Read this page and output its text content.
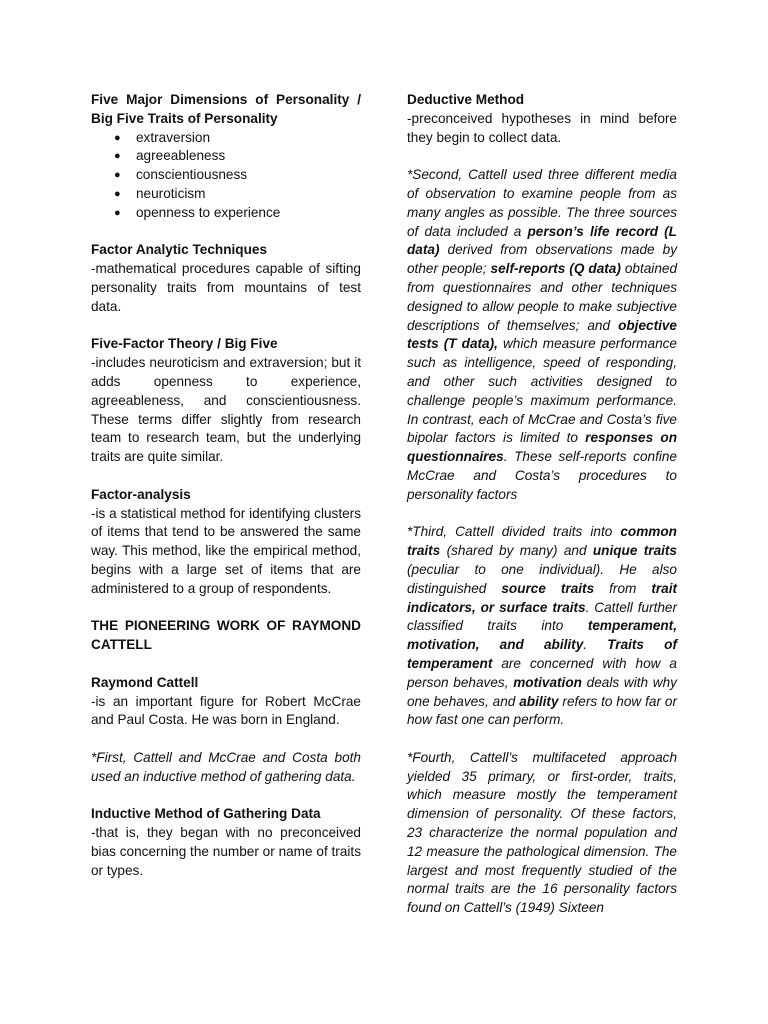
Five Major Dimensions of Personality / Big Five Traits of Personality

● extraversion
● agreeableness
● conscientiousness
● neuroticism
● openness to experience

Factor Analytic Techniques

-mathematical procedures capable of sifting personality traits from mountains of test data.

Five-Factor Theory / Big Five

-includes neuroticism and extraversion; but it adds openness to experience, agreeableness, and conscientiousness. These terms differ slightly from research team to research team, but the underlying traits are quite similar.

Factor-analysis

-is a statistical method for identifying clusters of items that tend to be answered the same way. This method, like the empirical method, begins with a large set of items that are administered to a group of respondents.

THE PIONEERING WORK OF RAYMOND CATTELL

Raymond Cattell

-is an important figure for Robert McCrae and Paul Costa. He was born in England.

*First, Cattell and McCrae and Costa both used an inductive method of gathering data.

Inductive Method of Gathering Data

-that is, they began with no preconceived bias concerning the number or name of traits or types.

Deductive Method

-preconceived hypotheses in mind before they begin to collect data.

*Second, Cattell used three different media of observation to examine people from as many angles as possible. The three sources of data included a person’s life record (L data) derived from observations made by other people; self-reports (Q data) obtained from questionnaires and other techniques designed to allow people to make subjective descriptions of themselves; and objective tests (T data), which measure performance such as intelligence, speed of responding, and other such activities designed to challenge people’s maximum performance. In contrast, each of McCrae and Costa’s five bipolar factors is limited to responses on questionnaires. These self-reports confine McCrae and Costa’s procedures to personality factors

*Third, Cattell divided traits into common traits (shared by many) and unique traits (peculiar to one individual). He also distinguished source traits from trait indicators, or surface traits. Cattell further classified traits into temperament, motivation, and ability. Traits of temperament are concerned with how a person behaves, motivation deals with why one behaves, and ability refers to how far or how fast one can perform.

*Fourth, Cattell’s multifaceted approach yielded 35 primary, or first-order, traits, which measure mostly the temperament dimension of personality. Of these factors, 23 characterize the normal population and 12 measure the pathological dimension. The largest and most frequently studied of the normal traits are the 16 personality factors found on Cattell’s (1949) Sixteen
